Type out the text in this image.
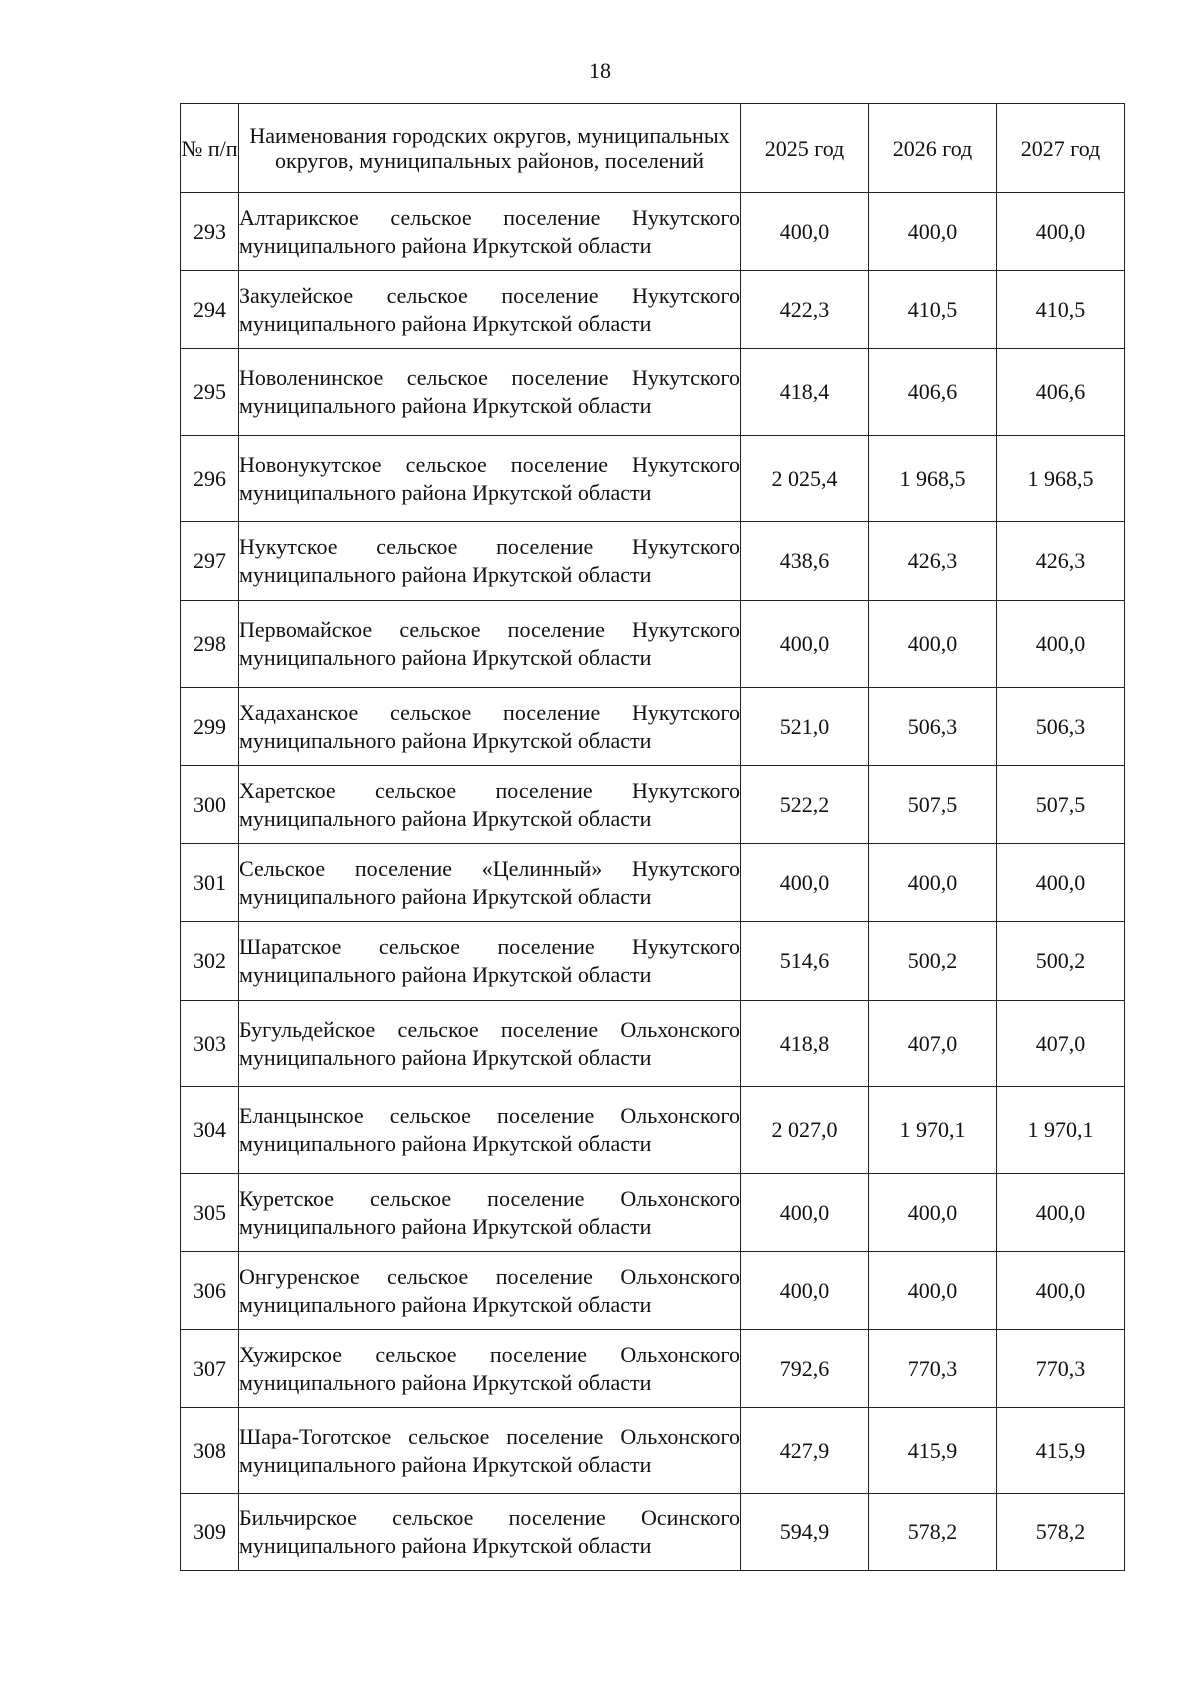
18
№ п/п	Наименования городских округов, муниципальных округов, муниципальных районов, поселений	2025 год	2026 год	2027 год
293	Алтарикское сельское поселение Нукутского муниципального района Иркутской области	400,0	400,0	400,0
294	Закулейское сельское поселение Нукутского муниципального района Иркутской области	422,3	410,5	410,5
295	Новоленинское сельское поселение Нукутского муниципального района Иркутской области	418,4	406,6	406,6
296	Новонукутское сельское поселение Нукутского муниципального района Иркутской области	2 025,4	1 968,5	1 968,5
297	Нукутское сельское поселение Нукутского муниципального района Иркутской области	438,6	426,3	426,3
298	Первомайское сельское поселение Нукутского муниципального района Иркутской области	400,0	400,0	400,0
299	Хадаханское сельское поселение Нукутского муниципального района Иркутской области	521,0	506,3	506,3
300	Харетское сельское поселение Нукутского муниципального района Иркутской области	522,2	507,5	507,5
301	Сельское поселение «Целинный» Нукутского муниципального района Иркутской области	400,0	400,0	400,0
302	Шаратское сельское поселение Нукутского муниципального района Иркутской области	514,6	500,2	500,2
303	Бугульдейское сельское поселение Ольхонского муниципального района Иркутской области	418,8	407,0	407,0
304	Еланцынское сельское поселение Ольхонского муниципального района Иркутской области	2 027,0	1 970,1	1 970,1
305	Куретское сельское поселение Ольхонского муниципального района Иркутской области	400,0	400,0	400,0
306	Онгуренское сельское поселение Ольхонского муниципального района Иркутской области	400,0	400,0	400,0
307	Хужирское сельское поселение Ольхонского муниципального района Иркутской области	792,6	770,3	770,3
308	Шара-Тоготское сельское поселение Ольхонского муниципального района Иркутской области	427,9	415,9	415,9
309	Бильчирское сельское поселение Осинского муниципального района Иркутской области	594,9	578,2	578,2
